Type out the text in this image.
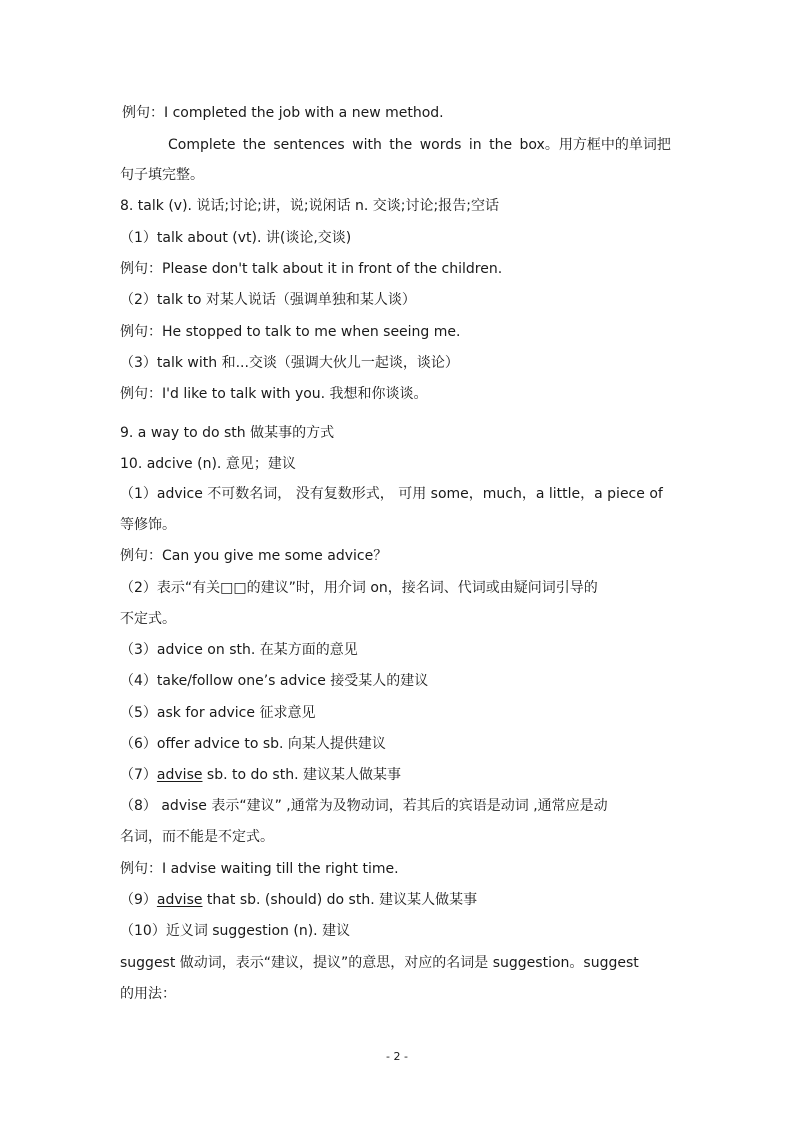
例句：I completed the job with a new method.
Complete the sentences with the words in the box。用方框中的单词把
句子填完整。
8. talk (v). 说话;讨论;讲，说;说闲话 n. 交谈;讨论;报告;空话
（1）talk about (vt). 讲(谈论,交谈)
例句：Please don't talk about it in front of the children.
（2）talk to 对某人说话（强调单独和某人谈）
例句：He stopped to talk to me when seeing me.
（3）talk with 和...交谈（强调大伙儿一起谈，谈论）
例句：I'd like to talk with you. 我想和你谈谈。
9. a way to do sth 做某事的方式
10. adcive (n). 意见；建议
（1）advice 不可数名词， 没有复数形式， 可用 some，much，a little，a piece of
等修饰。
例句：Can you give me some advice？
（2）表示“有关□□的建议”时，用介词 on，接名词、代词或由疑问词引导的
不定式。
（3）advice on sth. 在某方面的意见
（4）take/follow one’s advice 接受某人的建议
（5）ask for advice 征求意见
（6）offer advice to sb. 向某人提供建议
（7）advise sb. to do sth. 建议某人做某事
（8） advise 表示“建议” ,通常为及物动词，若其后的宾语是动词 ,通常应是动
名词，而不能是不定式。
例句：I advise waiting till the right time.
（9）advise that sb. (should) do sth. 建议某人做某事
（10）近义词 suggestion (n). 建议
suggest 做动词，表示“建议，提议”的意思，对应的名词是 suggestion。suggest
的用法：
- 2 -
